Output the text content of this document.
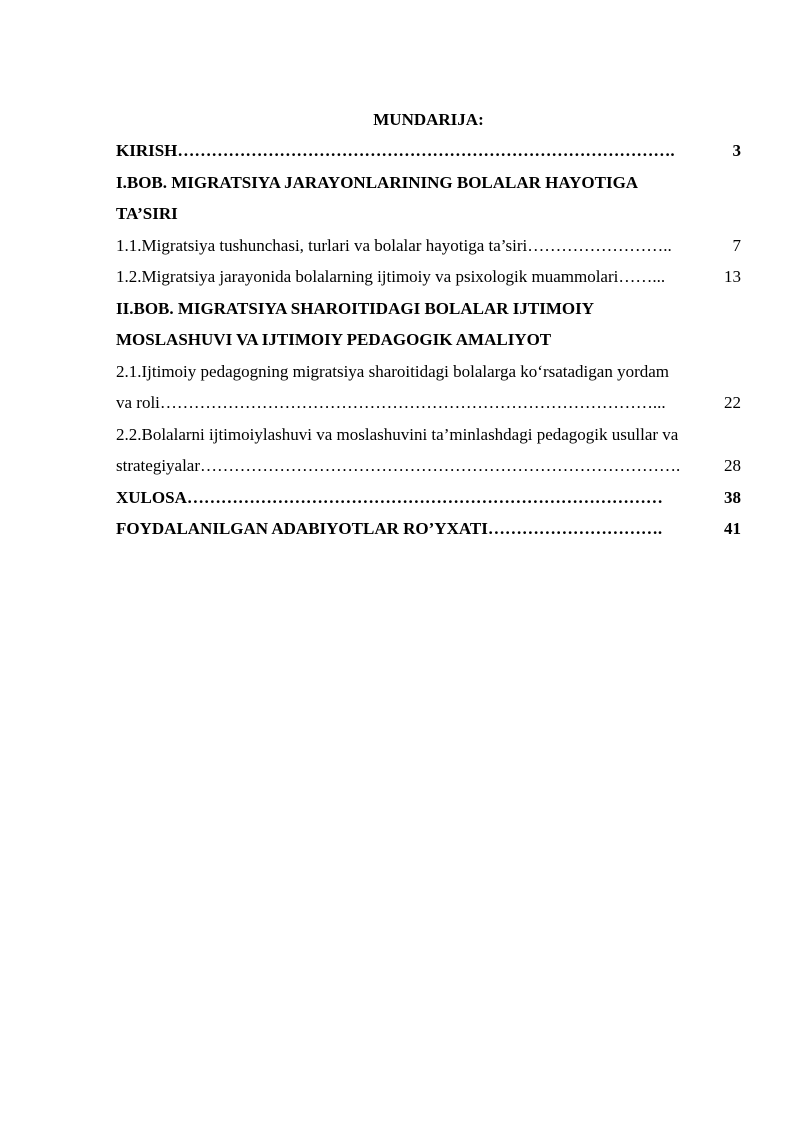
MUNDARIJA:
KIRISH …………………………………………………………………………….	3
I.BOB. MIGRATSIYA JARAYONLARINING BOLALAR HAYOTIGA
TA’SIRI
1.1.Migratsiya tushunchasi, turlari va bolalar hayotiga ta’siri ……………………..	7
1.2.Migratsiya jarayonida bolalarning ijtimoiy va psixologik muammolari ……...	13
II.BOB. MIGRATSIYA SHAROITIDAGI BOLALAR IJTIMOIY
MOSLASHUVI VA IJTIMOIY PEDAGOGIK AMALIYOT
2.1.Ijtimoiy pedagogning migratsiya sharoitidagi bolalarga ko‘rsatadigan yordam
va roli ……………………………………………………………………………...	22
2.2.Bolalarni ijtimoiylashuvi va moslashuvini ta’minlashdagi pedagogik usullar va
strategiyalar ………………………………………………………………………….	28
XULOSA …………………………………………………………………………	38
FOYDALANILGAN ADABIYOTLAR RO’YXATI ………………………….	41
